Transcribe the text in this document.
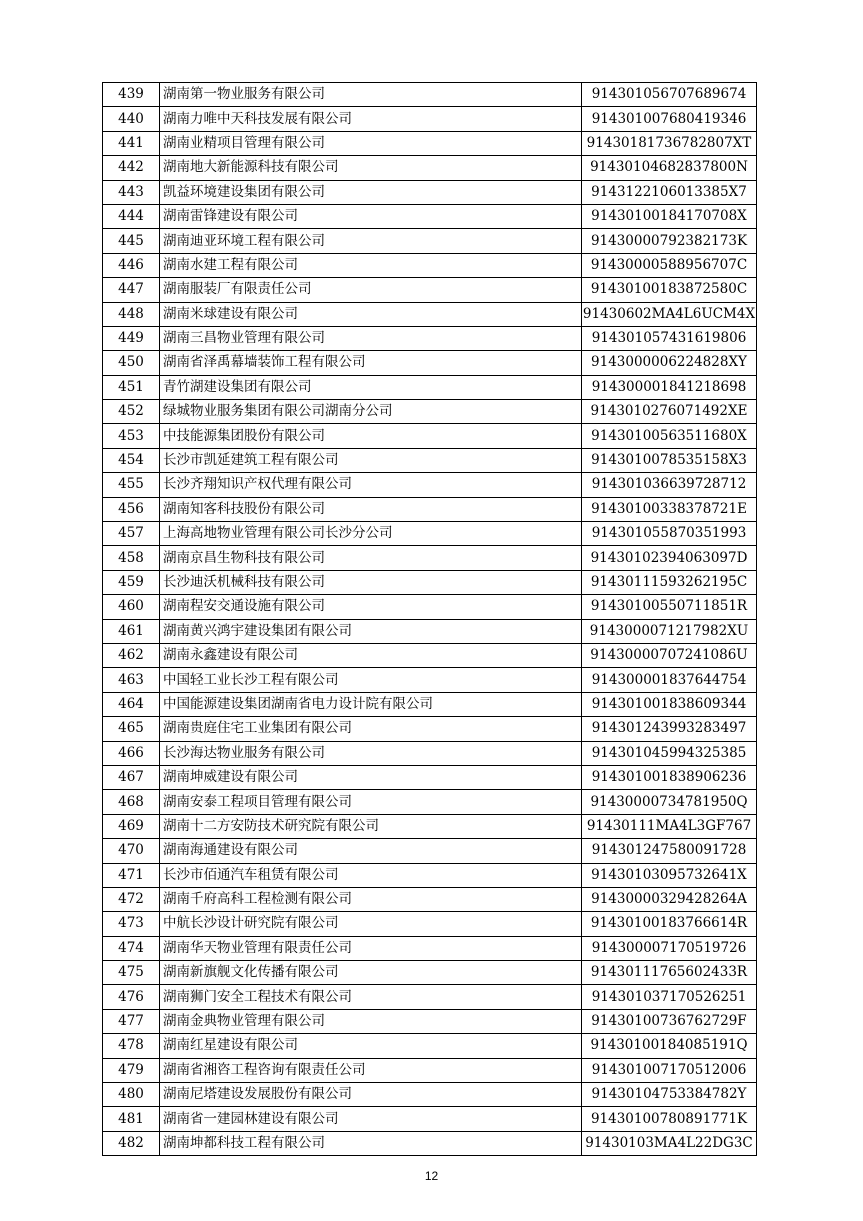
439	湖南第一物业服务有限公司	914301056707689674
440	湖南力唯中天科技发展有限公司	914301007680419346
441	湖南业精项目管理有限公司	91430181736782807XT
442	湖南地大新能源科技有限公司	91430104682837800N
443	凯益环境建设集团有限公司	9143122106013385X7
444	湖南雷锋建设有限公司	91430100184170708X
445	湖南迪亚环境工程有限公司	91430000792382173K
446	湖南水建工程有限公司	91430000588956707C
447	湖南服装厂有限责任公司	91430100183872580C
448	湖南米球建设有限公司	91430602MA4L6UCM4X
449	湖南三昌物业管理有限公司	914301057431619806
450	湖南省泽禹幕墙装饰工程有限公司	9143000006224828XY
451	青竹湖建设集团有限公司	914300001841218698
452	绿城物业服务集团有限公司湖南分公司	9143010276071492XE
453	中技能源集团股份有限公司	91430100563511680X
454	长沙市凯延建筑工程有限公司	9143010078535158X3
455	长沙齐翔知识产权代理有限公司	914301036639728712
456	湖南知客科技股份有限公司	91430100338378721E
457	上海高地物业管理有限公司长沙分公司	914301055870351993
458	湖南京昌生物科技有限公司	91430102394063097D
459	长沙迪沃机械科技有限公司	91430111593262195C
460	湖南程安交通设施有限公司	91430100550711851R
461	湖南黄兴鸿宇建设集团有限公司	9143000071217982XU
462	湖南永鑫建设有限公司	91430000707241086U
463	中国轻工业长沙工程有限公司	914300001837644754
464	中国能源建设集团湖南省电力设计院有限公司	914301001838609344
465	湖南贵庭住宅工业集团有限公司	914301243993283497
466	长沙海达物业服务有限公司	914301045994325385
467	湖南坤威建设有限公司	914301001838906236
468	湖南安泰工程项目管理有限公司	91430000734781950Q
469	湖南十二方安防技术研究院有限公司	91430111MA4L3GF767
470	湖南海通建设有限公司	914301247580091728
471	长沙市佰通汽车租赁有限公司	91430103095732641X
472	湖南千府高科工程检测有限公司	91430000329428264A
473	中航长沙设计研究院有限公司	91430100183766614R
474	湖南华天物业管理有限责任公司	914300007170519726
475	湖南新旗舰文化传播有限公司	91430111765602433R
476	湖南狮门安全工程技术有限公司	914301037170526251
477	湖南金典物业管理有限公司	91430100736762729F
478	湖南红星建设有限公司	91430100184085191Q
479	湖南省湘咨工程咨询有限责任公司	914301007170512006
480	湖南尼塔建设发展股份有限公司	91430104753384782Y
481	湖南省一建园林建设有限公司	91430100780891771K
482	湖南坤都科技工程有限公司	91430103MA4L22DG3C
12
